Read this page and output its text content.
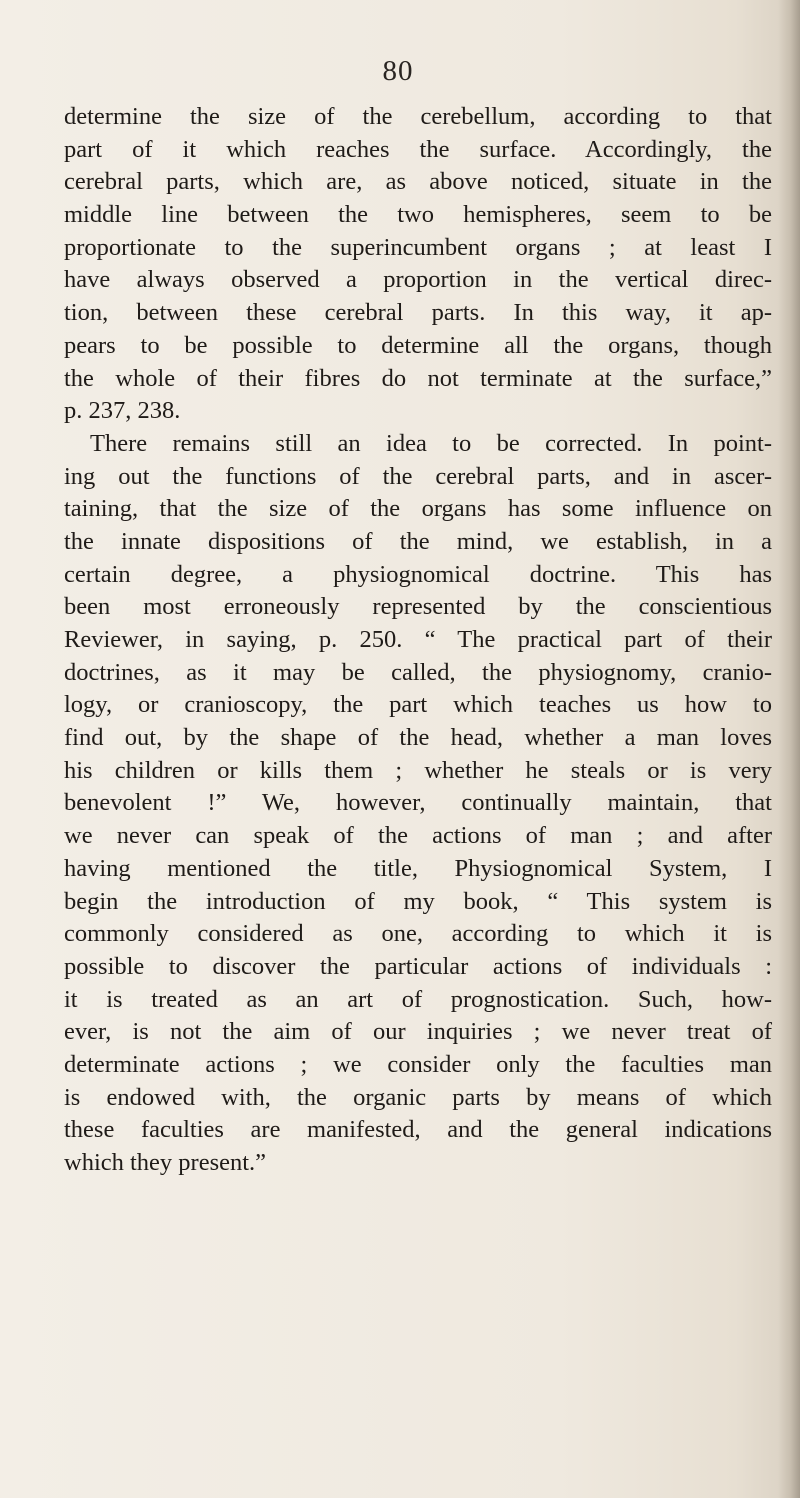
80
determine the size of the cerebellum, according to that
part of it which reaches the surface. Accordingly, the
cerebral parts, which are, as above noticed, situate in the
middle line between the two hemispheres, seem to be
proportionate to the superincumbent organs ; at least I
have always observed a proportion in the vertical direc-
tion, between these cerebral parts. In this way, it ap-
pears to be possible to determine all the organs, though
the whole of their fibres do not terminate at the surface,”
p. 237, 238.
There remains still an idea to be corrected. In point-
ing out the functions of the cerebral parts, and in ascer-
taining, that the size of the organs has some influence on
the innate dispositions of the mind, we establish, in a
certain degree, a physiognomical doctrine. This has
been most erroneously represented by the conscientious
Reviewer, in saying, p. 250. “ The practical part of their
doctrines, as it may be called, the physiognomy, cranio-
logy, or cranioscopy, the part which teaches us how to
find out, by the shape of the head, whether a man loves
his children or kills them ; whether he steals or is very
benevolent !” We, however, continually maintain, that
we never can speak of the actions of man ; and after
having mentioned the title, Physiognomical System, I
begin the introduction of my book, “ This system is
commonly considered as one, according to which it is
possible to discover the particular actions of individuals :
it is treated as an art of prognostication. Such, how-
ever, is not the aim of our inquiries ; we never treat of
determinate actions ; we consider only the faculties man
is endowed with, the organic parts by means of which
these faculties are manifested, and the general indications
which they present.”
